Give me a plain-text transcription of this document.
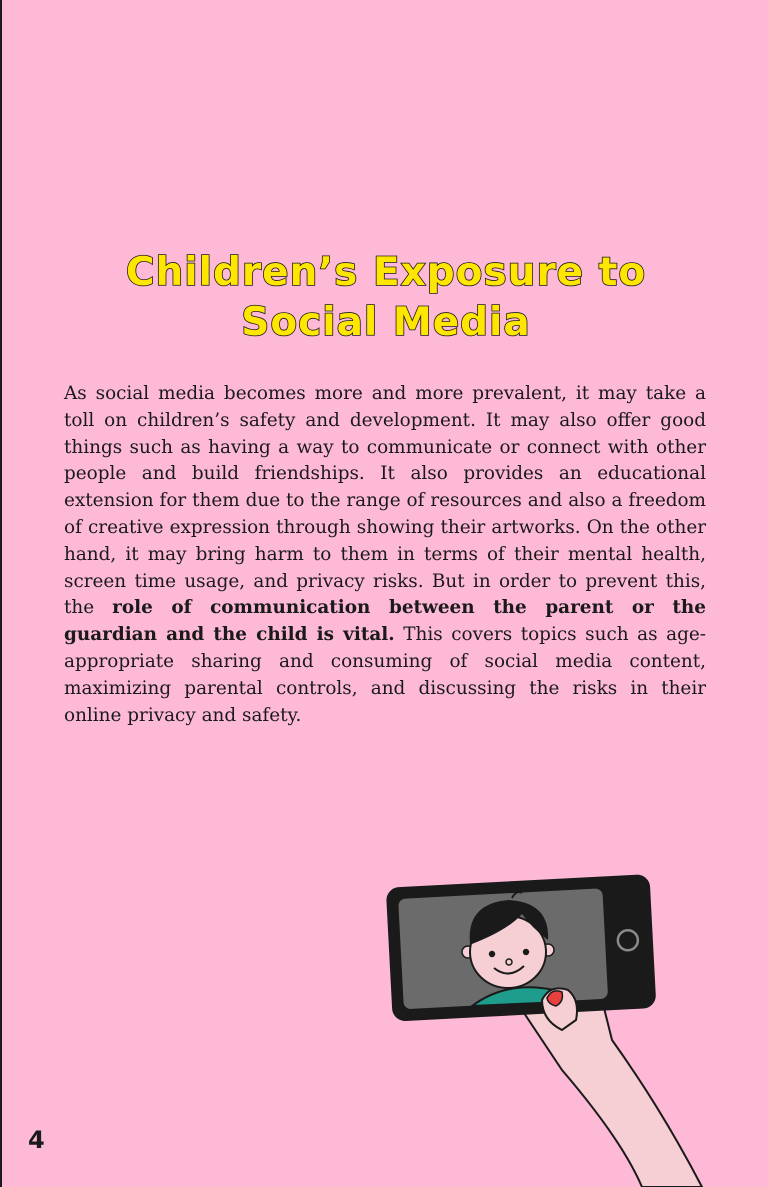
Children’s Exposure to
Social Media

As social media becomes more and more prevalent, it may take a toll on children’s safety and development. It may also offer good things such as having a way to communicate or connect with other people and build friendships. It also provides an educational extension for them due to the range of resources and also a freedom of creative expression through showing their artworks. On the other hand, it may bring harm to them in terms of their mental health, screen time usage, and privacy risks. But in order to prevent this, the role of communication between the parent or the guardian and the child is vital. This covers topics such as age-appropriate sharing and consuming of social media content, maximizing parental controls, and discussing the risks in their online privacy and safety.

4
